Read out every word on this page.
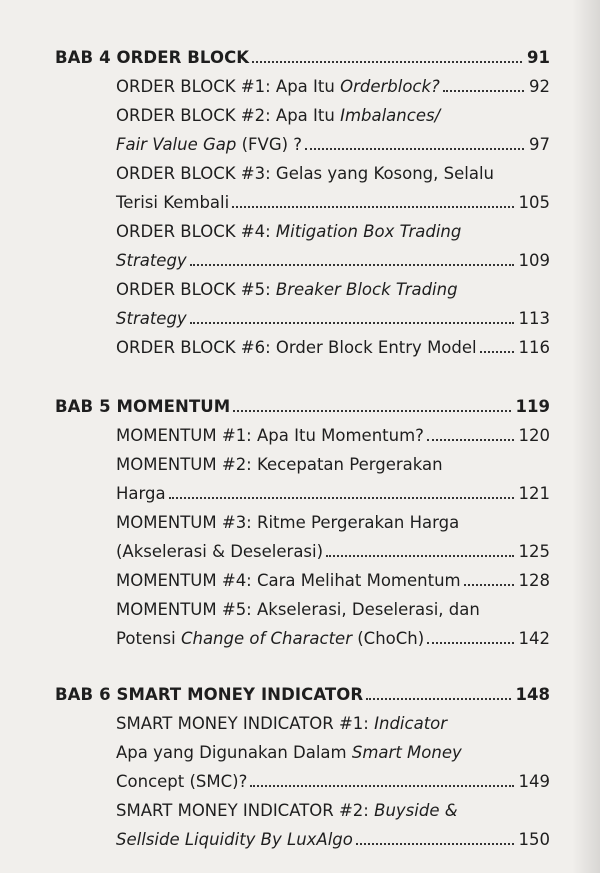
BAB 4 ORDER BLOCK	91
ORDER BLOCK #1: Apa Itu Orderblock?	92
ORDER BLOCK #2: Apa Itu Imbalances/
Fair Value Gap (FVG) ?	97
ORDER BLOCK #3: Gelas yang Kosong, Selalu
Terisi Kembali	105
ORDER BLOCK #4: Mitigation Box Trading
Strategy	109
ORDER BLOCK #5: Breaker Block Trading
Strategy	113
ORDER BLOCK #6: Order Block Entry Model	116
BAB 5 MOMENTUM	119
MOMENTUM #1: Apa Itu Momentum?	120
MOMENTUM #2: Kecepatan Pergerakan
Harga	121
MOMENTUM #3: Ritme Pergerakan Harga
(Akselerasi & Deselerasi)	125
MOMENTUM #4: Cara Melihat Momentum	128
MOMENTUM #5: Akselerasi, Deselerasi, dan
Potensi Change of Character (ChoCh)	142
BAB 6 SMART MONEY INDICATOR	148
SMART MONEY INDICATOR #1: Indicator
Apa yang Digunakan Dalam Smart Money
Concept (SMC)?	149
SMART MONEY INDICATOR #2: Buyside &
Sellside Liquidity By LuxAlgo	150
